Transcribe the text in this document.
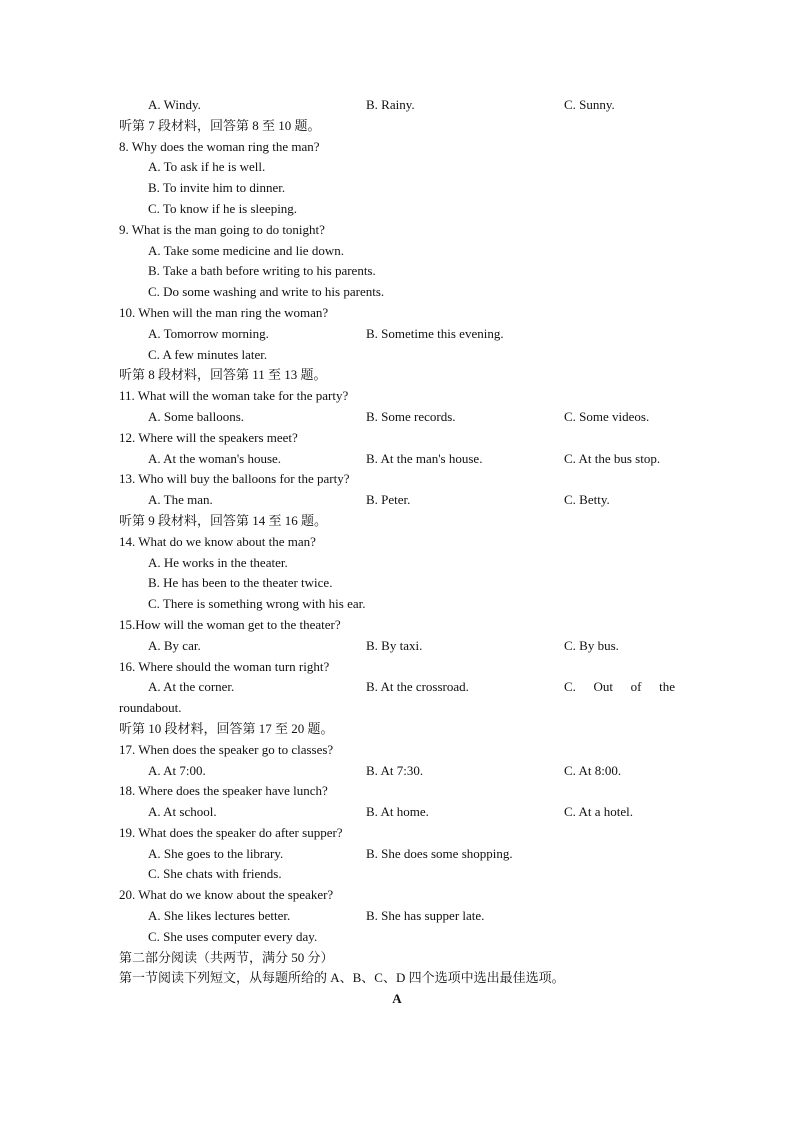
A. Windy.	B. Rainy.	C. Sunny.
听第 7 段材料，回答第 8 至 10 题。
8. Why does the woman ring the man?
A. To ask if he is well.
B. To invite him to dinner.
C. To know if he is sleeping.
9. What is the man going to do tonight?
A. Take some medicine and lie down.
B. Take a bath before writing to his parents.
C. Do some washing and write to his parents.
10. When will the man ring the woman?
A. Tomorrow morning.	B. Sometime this evening.
C. A few minutes later.
听第 8 段材料，回答第 11 至 13 题。
11. What will the woman take for the party?
A. Some balloons.	B. Some records.	C. Some videos.
12. Where will the speakers meet?
A. At the woman's house.	B. At the man's house.	C. At the bus stop.
13. Who will buy the balloons for the party?
A. The man.	B. Peter.	C. Betty.
听第 9 段材料，回答第 14 至 16 题。
14. What do we know about the man?
A. He works in the theater.
B. He has been to the theater twice.
C. There is something wrong with his ear.
15.How will the woman get to the theater?
A. By car.	B. By taxi.	C. By bus.
16. Where should the woman turn right?
A. At the corner.	B. At the crossroad.	C. Out of the
roundabout.
听第 10 段材料，回答第 17 至 20 题。
17. When does the speaker go to classes?
A. At 7:00.	B. At 7:30.	C. At 8:00.
18. Where does the speaker have lunch?
A. At school.	B. At home.	C. At a hotel.
19. What does the speaker do after supper?
A. She goes to the library.	B. She does some shopping.
C. She chats with friends.
20. What do we know about the speaker?
A. She likes lectures better.	B. She has supper late.
C. She uses computer every day.
第二部分阅读（共两节，满分 50 分）
第一节阅读下列短文，从每题所给的 A、B、C、D 四个选项中选出最佳选项。
A
